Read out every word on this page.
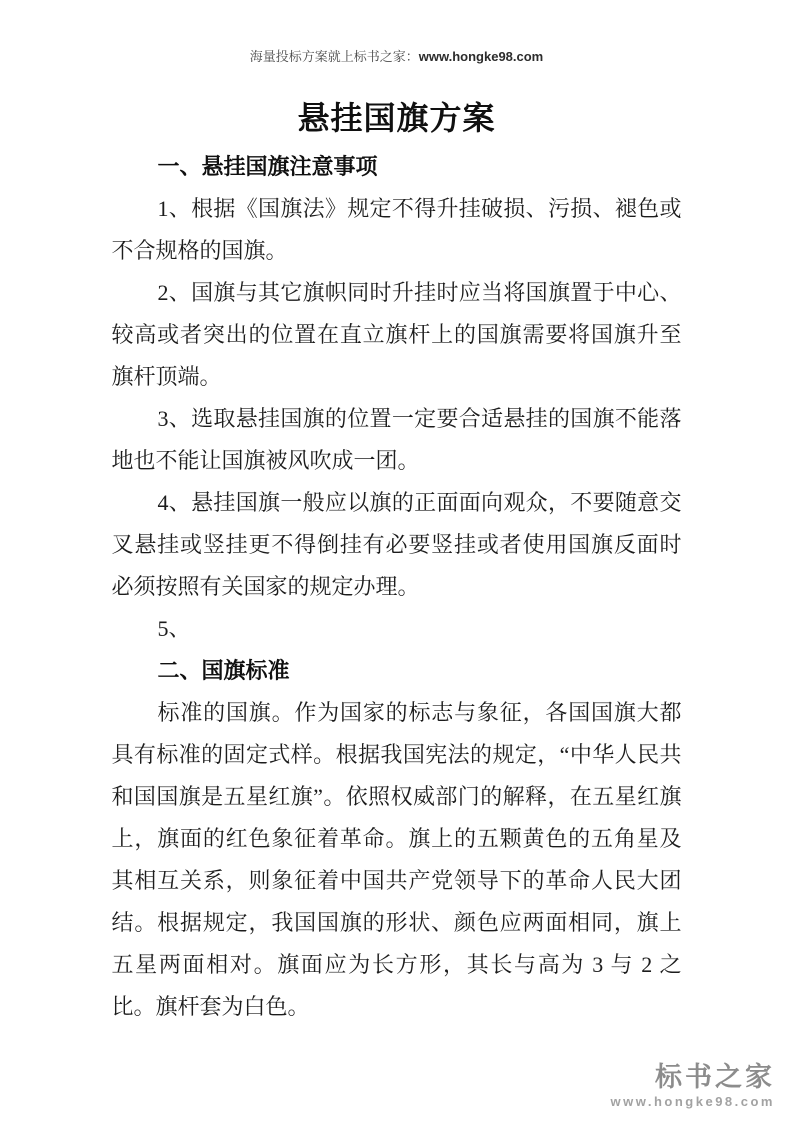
海量投标方案就上标书之家：www.hongke98.com
悬挂国旗方案
一、悬挂国旗注意事项

1、根据《国旗法》规定不得升挂破损、污损、褪色或不合规格的国旗。

2、国旗与其它旗帜同时升挂时应当将国旗置于中心、较高或者突出的位置在直立旗杆上的国旗需要将国旗升至旗杆顶端。

3、选取悬挂国旗的位置一定要合适悬挂的国旗不能落地也不能让国旗被风吹成一团。

4、悬挂国旗一般应以旗的正面面向观众，不要随意交叉悬挂或竖挂更不得倒挂有必要竖挂或者使用国旗反面时必须按照有关国家的规定办理。

5、

二、国旗标准

标准的国旗。作为国家的标志与象征，各国国旗大都具有标准的固定式样。根据我国宪法的规定，“中华人民共和国国旗是五星红旗”。依照权威部门的解释，在五星红旗上，旗面的红色象征着革命。旗上的五颗黄色的五角星及其相互关系，则象征着中国共产党领导下的革命人民大团结。根据规定，我国国旗的形状、颜色应两面相同，旗上五星两面相对。旗面应为长方形，其长与高为 3 与 2 之比。旗杆套为白色。

标书之家
www.hongke98.com
